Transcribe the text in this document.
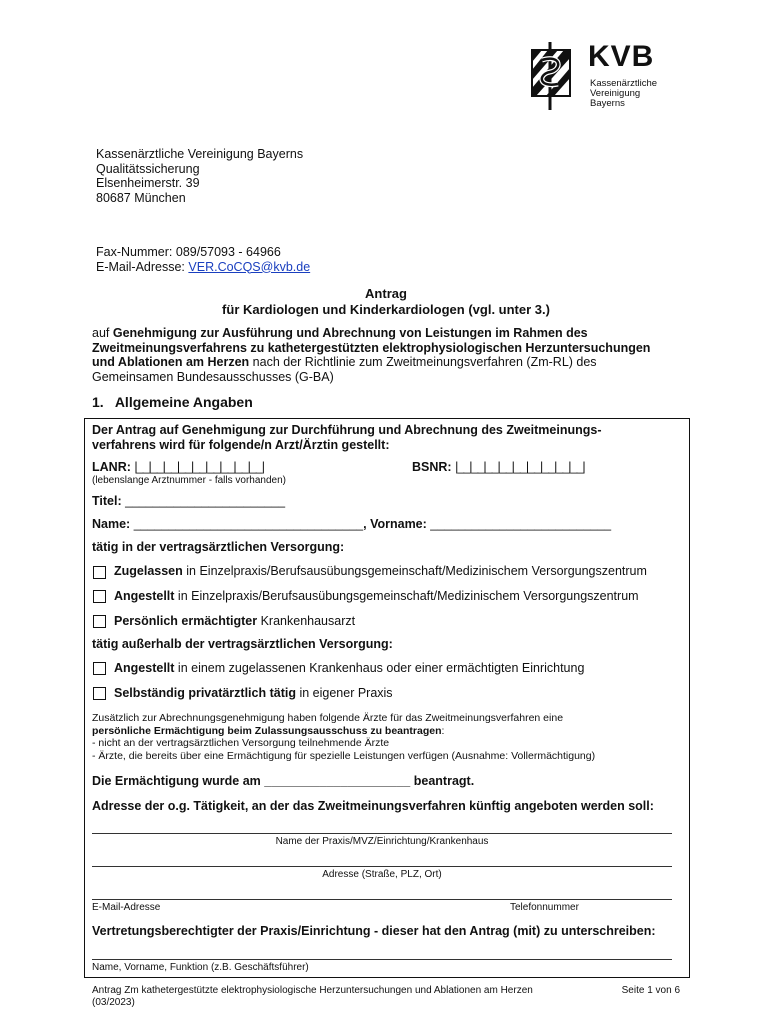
KVB
Kassenärztliche
Vereinigung
Bayerns
Kassenärztliche Vereinigung Bayerns
Qualitätssicherung
Elsenheimerstr. 39
80687 München
Fax-Nummer: 089/57093 - 64966
E-Mail-Adresse: VER.CoCQS@kvb.de
Antrag
für Kardiologen und Kinderkardiologen (vgl. unter 3.)
auf Genehmigung zur Ausführung und Abrechnung von Leistungen im Rahmen des
Zweitmeinungsverfahrens zu kathetergestützten elektrophysiologischen Herzuntersuchungen
und Ablationen am Herzen nach der Richtlinie zum Zweitmeinungsverfahren (Zm-RL) des
Gemeinsamen Bundesausschusses (G-BA)
1.   Allgemeine Angaben
Der Antrag auf Genehmigung zur Durchführung und Abrechnung des Zweitmeinungs-
verfahrens wird für folgende/n Arzt/Ärztin gestellt:
LANR: |__|__|__|__|__|__|__|__|__|
(lebenslange Arztnummer - falls vorhanden)
BSNR: |__|__|__|__|__|__|__|__|__|
Titel: _______________________
Name: _________________________________, Vorname: __________________________
tätig in der vertragsärztlichen Versorgung:
Zugelassen in Einzelpraxis/Berufsausübungsgemeinschaft/Medizinischem Versorgungszentrum
Angestellt in Einzelpraxis/Berufsausübungsgemeinschaft/Medizinischem Versorgungszentrum
Persönlich ermächtigter Krankenhausarzt
tätig außerhalb der vertragsärztlichen Versorgung:
Angestellt in einem zugelassenen Krankenhaus oder einer ermächtigten Einrichtung
Selbständig privatärztlich tätig in eigener Praxis
Zusätzlich zur Abrechnungsgenehmigung haben folgende Ärzte für das Zweitmeinungsverfahren eine
persönliche Ermächtigung beim Zulassungsausschuss zu beantragen:
- nicht an der vertragsärztlichen Versorgung teilnehmende Ärzte
- Ärzte, die bereits über eine Ermächtigung für spezielle Leistungen verfügen (Ausnahme: Vollermächtigung)
Die Ermächtigung wurde am _____________________ beantragt.
Adresse der o.g. Tätigkeit, an der das Zweitmeinungsverfahren künftig angeboten werden soll:
Name der Praxis/MVZ/Einrichtung/Krankenhaus
Adresse (Straße, PLZ, Ort)
E-Mail-Adresse	Telefonnummer
Vertretungsberechtigter der Praxis/Einrichtung - dieser hat den Antrag (mit) zu unterschreiben:
Name, Vorname, Funktion (z.B. Geschäftsführer)
Antrag Zm kathetergestützte elektrophysiologische Herzuntersuchungen und Ablationen am Herzen
(03/2023)
Seite 1 von 6
